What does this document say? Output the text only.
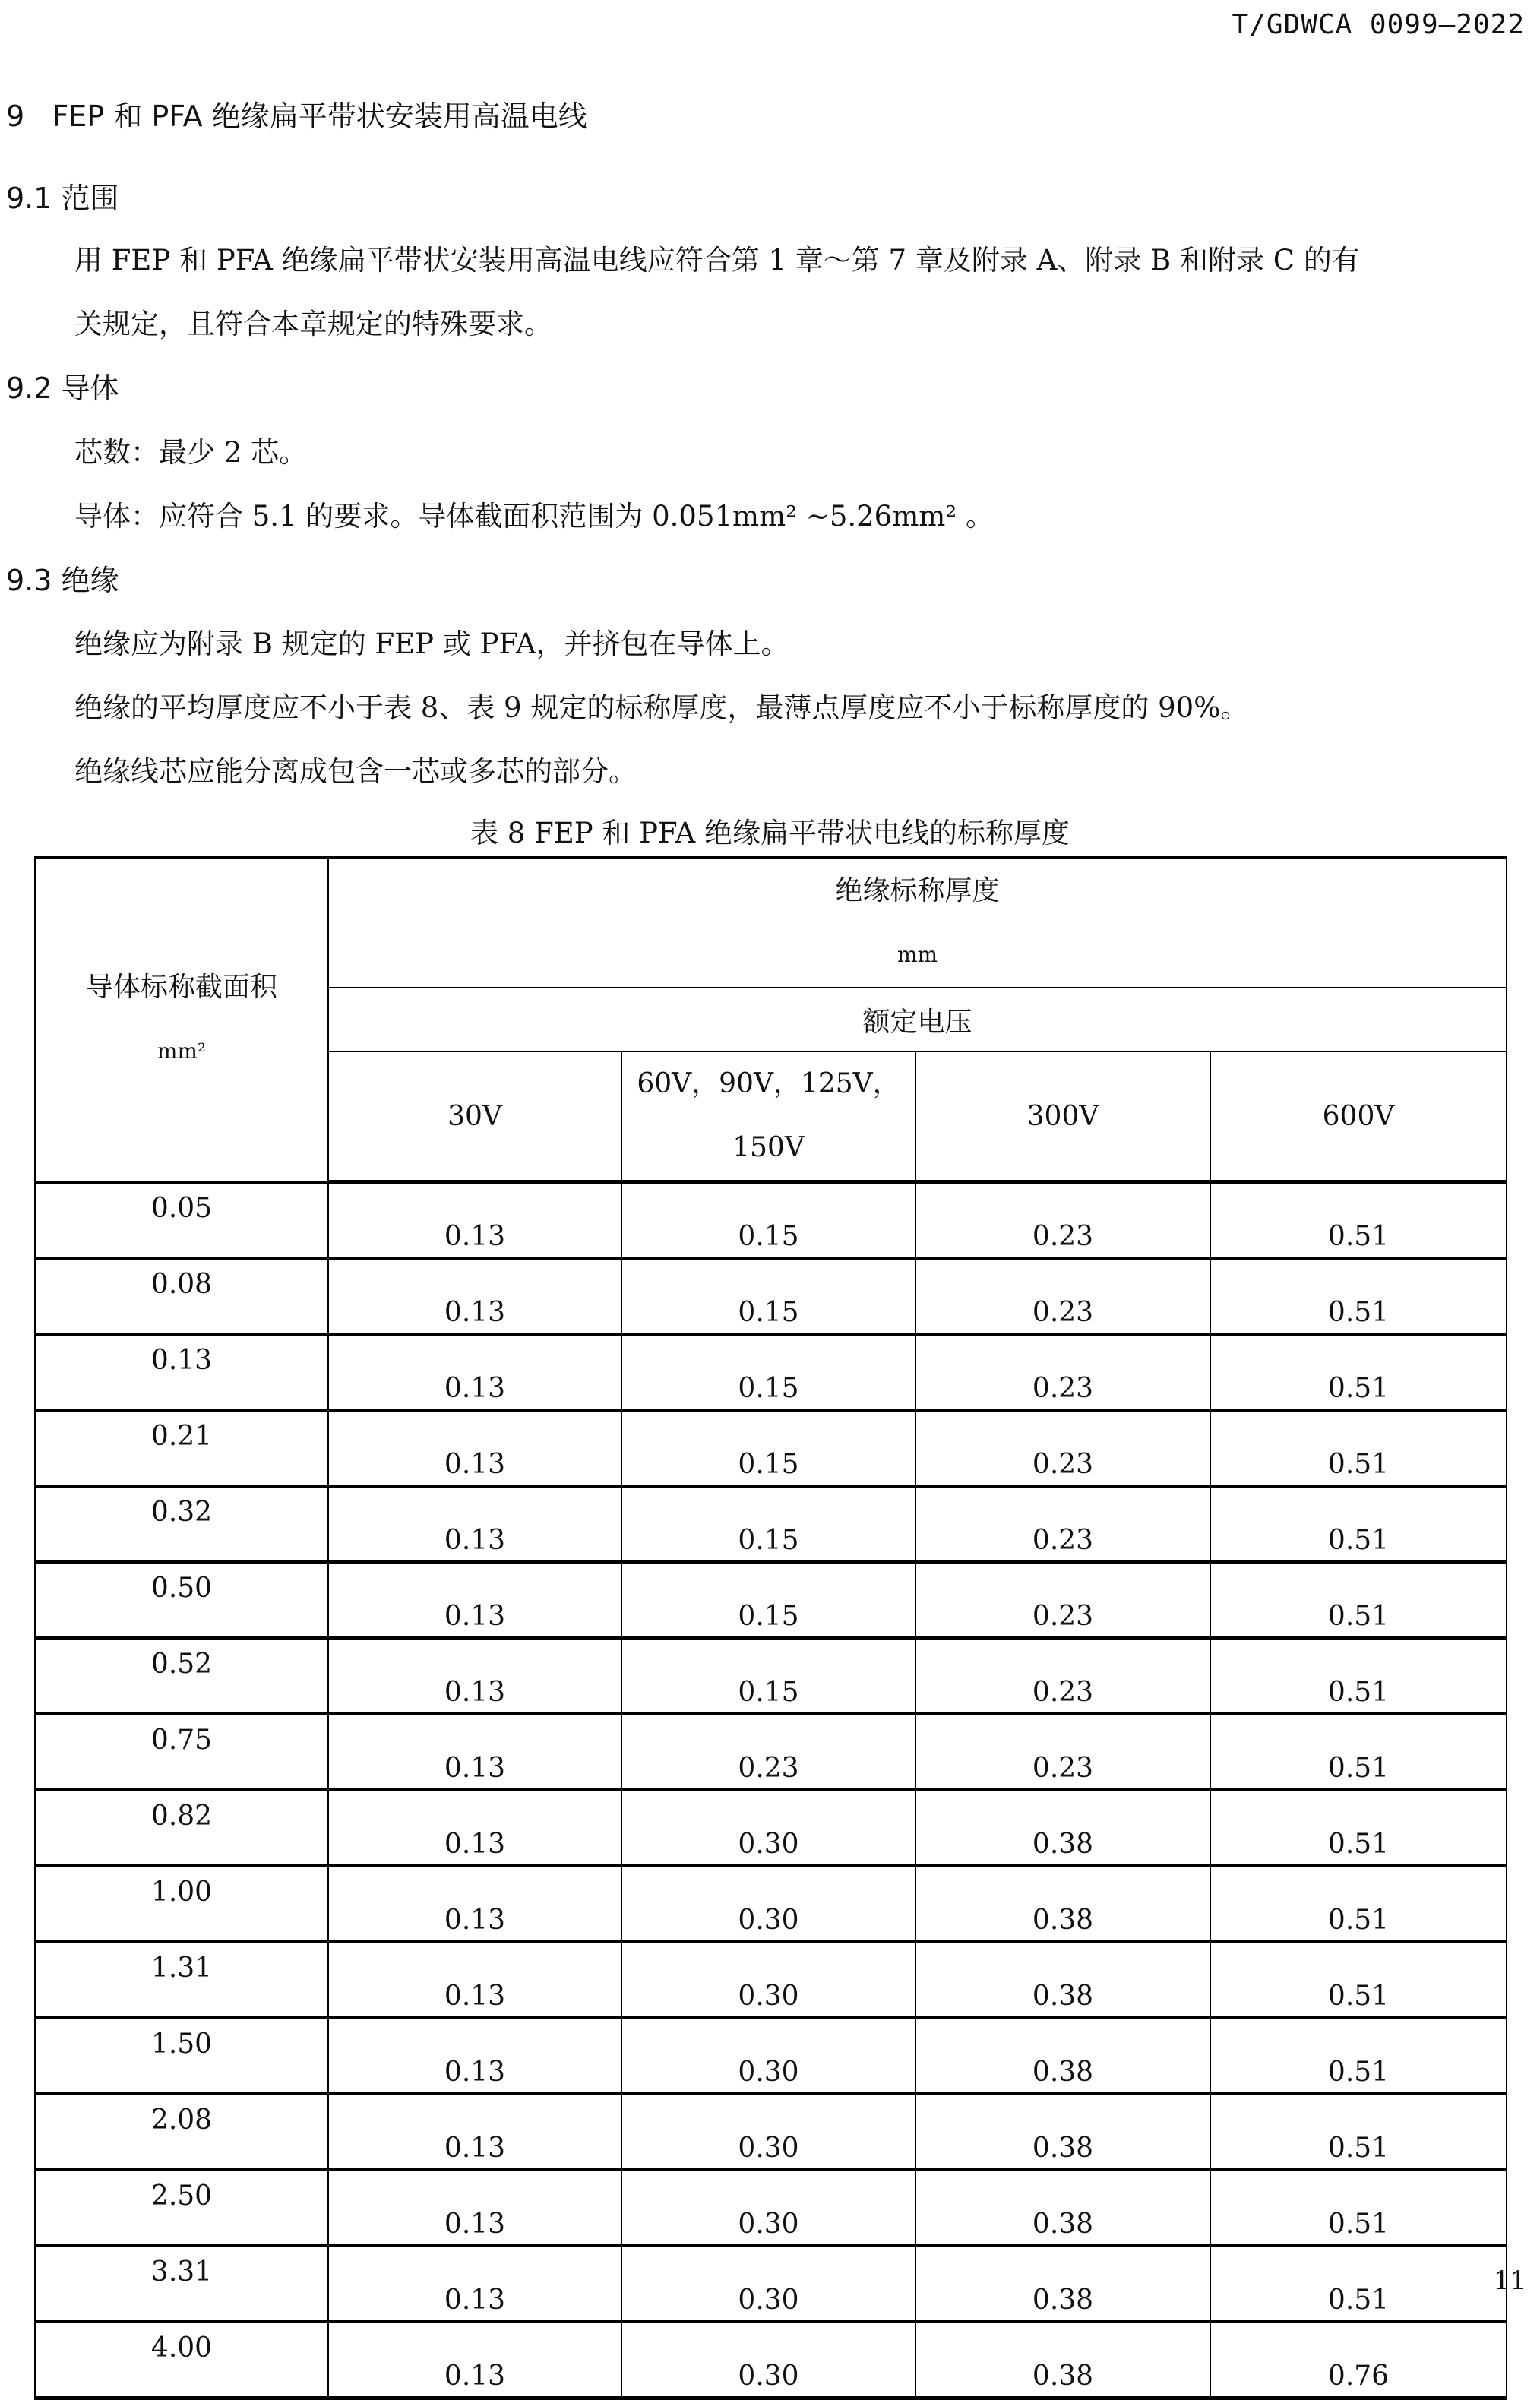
T/GDWCA 0099—2022
9 FEP 和 PFA 绝缘扁平带状安装用高温电线
9.1 范围
用 FEP 和 PFA 绝缘扁平带状安装用高温电线应符合第 1 章～第 7 章及附录 A、附录 B 和附录 C 的有
关规定，且符合本章规定的特殊要求。
9.2 导体
芯数：最少 2 芯。
导体：应符合 5.1 的要求。导体截面积范围为 0.051mm² ~5.26mm² 。
9.3 绝缘
绝缘应为附录 B 规定的 FEP 或 PFA，并挤包在导体上。
绝缘的平均厚度应不小于表 8、表 9 规定的标称厚度，最薄点厚度应不小于标称厚度的 90%。
绝缘线芯应能分离成包含一芯或多芯的部分。
表 8 FEP 和 PFA 绝缘扁平带状电线的标称厚度
导体标称截面积
mm²

绝缘标称厚度
mm

	额定电压			
	30V	60V，90V，125V，
150V	300V	600V
0.05	0.13	0.15	0.23	0.51
0.08	0.13	0.15	0.23	0.51
0.13	0.13	0.15	0.23	0.51
0.21	0.13	0.15	0.23	0.51
0.32	0.13	0.15	0.23	0.51
0.50	0.13	0.15	0.23	0.51
0.52	0.13	0.15	0.23	0.51
0.75	0.13	0.23	0.23	0.51
0.82	0.13	0.30	0.38	0.51
1.00	0.13	0.30	0.38	0.51
1.31	0.13	0.30	0.38	0.51
1.50	0.13	0.30	0.38	0.51
2.08	0.13	0.30	0.38	0.51
2.50	0.13	0.30	0.38	0.51
3.31	0.13	0.30	0.38	0.51
4.00	0.13	0.30	0.38	0.76
11
